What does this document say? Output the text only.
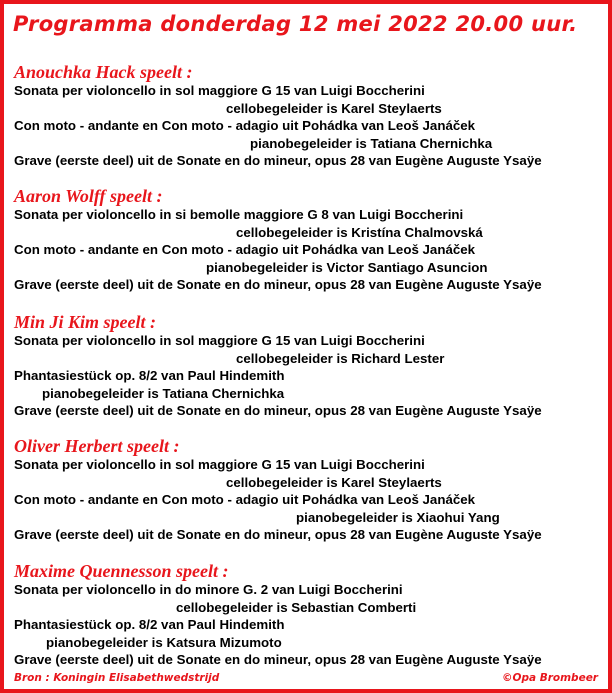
Programma donderdag 12 mei 2022 20.00 uur.
Anouchka Hack speelt :
Sonata per violoncello in sol maggiore G 15 van Luigi Boccherini
cellobegeleider is Karel Steylaerts
Con moto - andante en Con moto - adagio uit Pohádka van Leoš Janáček
pianobegeleider is Tatiana Chernichka
Grave (eerste deel) uit de Sonate en do mineur, opus 28 van Eugène Auguste Ysaÿe
Aaron Wolff speelt :
Sonata per violoncello in si bemolle maggiore G 8 van Luigi Boccherini
cellobegeleider is Kristína Chalmovská
Con moto - andante en Con moto - adagio uit Pohádka van Leoš Janáček
pianobegeleider is Victor Santiago Asuncion
Grave (eerste deel) uit de Sonate en do mineur, opus 28 van Eugène Auguste Ysaÿe
Min Ji Kim speelt :
Sonata per violoncello in sol maggiore G 15 van Luigi Boccherini
cellobegeleider is Richard Lester
Phantasiestück op. 8/2 van Paul Hindemith
pianobegeleider is Tatiana Chernichka
Grave (eerste deel) uit de Sonate en do mineur, opus 28 van Eugène Auguste Ysaÿe
Oliver Herbert speelt :
Sonata per violoncello in sol maggiore G 15 van Luigi Boccherini
cellobegeleider is Karel Steylaerts
Con moto - andante en Con moto - adagio uit Pohádka van Leoš Janáček
pianobegeleider is Xiaohui Yang
Grave (eerste deel) uit de Sonate en do mineur, opus 28 van Eugène Auguste Ysaÿe
Maxime Quennesson speelt :
Sonata per violoncello in do minore G. 2 van Luigi Boccherini
cellobegeleider is Sebastian Comberti
Phantasiestück op. 8/2 van Paul Hindemith
pianobegeleider is Katsura Mizumoto
Grave (eerste deel) uit de Sonate en do mineur, opus 28 van Eugène Auguste Ysaÿe
Bron : Koningin Elisabethwedstrijd	©Opa Brombeer
